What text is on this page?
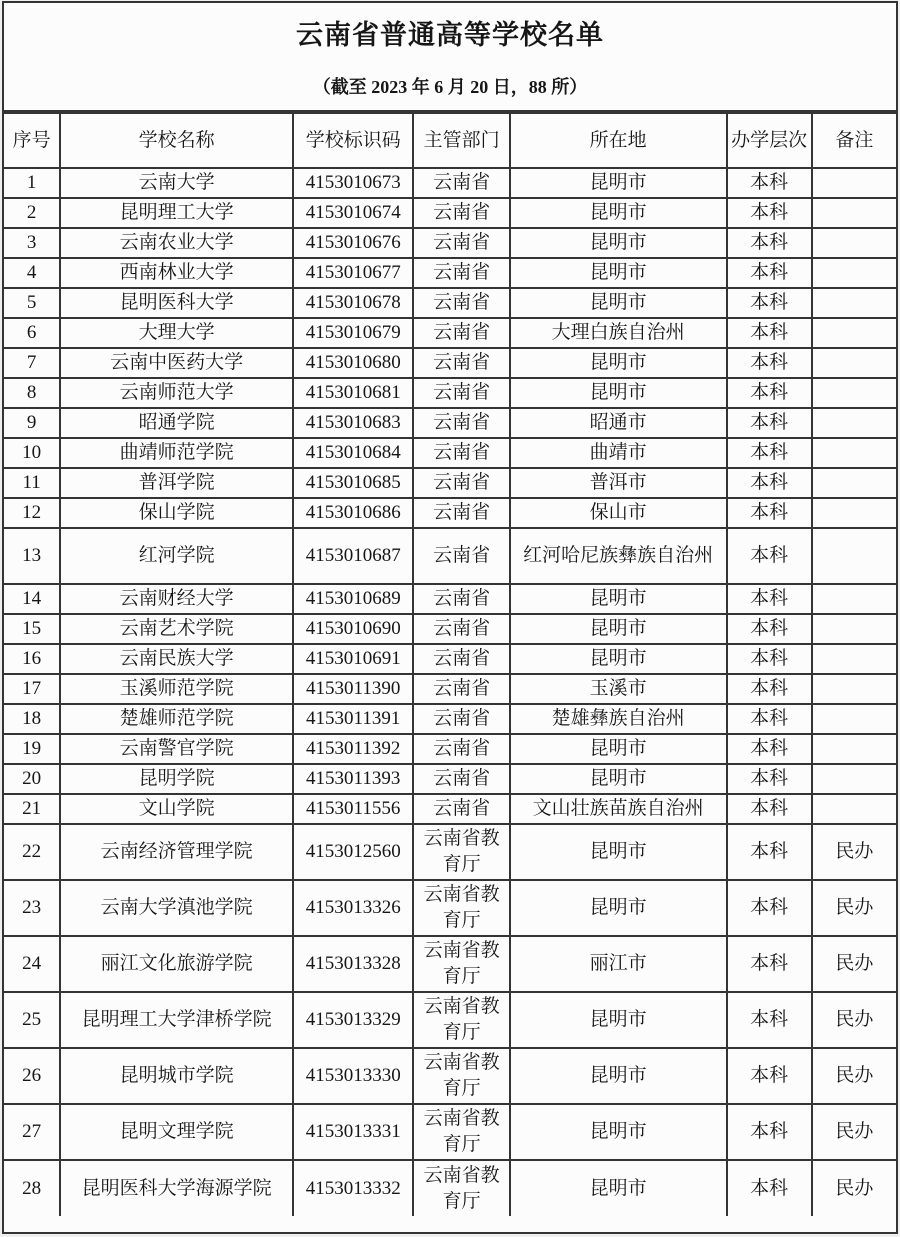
云南省普通高等学校名单
（截至 2023 年 6 月 20 日，88 所）
序号	学校名称	学校标识码	主管部门	所在地	办学层次	备注
1	云南大学	4153010673	云南省	昆明市	本科	
2	昆明理工大学	4153010674	云南省	昆明市	本科	
3	云南农业大学	4153010676	云南省	昆明市	本科	
4	西南林业大学	4153010677	云南省	昆明市	本科	
5	昆明医科大学	4153010678	云南省	昆明市	本科	
6	大理大学	4153010679	云南省	大理白族自治州	本科	
7	云南中医药大学	4153010680	云南省	昆明市	本科	
8	云南师范大学	4153010681	云南省	昆明市	本科	
9	昭通学院	4153010683	云南省	昭通市	本科	
10	曲靖师范学院	4153010684	云南省	曲靖市	本科	
11	普洱学院	4153010685	云南省	普洱市	本科	
12	保山学院	4153010686	云南省	保山市	本科	
13	红河学院	4153010687	云南省	红河哈尼族彝族自治州	本科	
14	云南财经大学	4153010689	云南省	昆明市	本科	
15	云南艺术学院	4153010690	云南省	昆明市	本科	
16	云南民族大学	4153010691	云南省	昆明市	本科	
17	玉溪师范学院	4153011390	云南省	玉溪市	本科	
18	楚雄师范学院	4153011391	云南省	楚雄彝族自治州	本科	
19	云南警官学院	4153011392	云南省	昆明市	本科	
20	昆明学院	4153011393	云南省	昆明市	本科	
21	文山学院	4153011556	云南省	文山壮族苗族自治州	本科	
22	云南经济管理学院	4153012560	云南省教育厅	昆明市	本科	民办
23	云南大学滇池学院	4153013326	云南省教育厅	昆明市	本科	民办
24	丽江文化旅游学院	4153013328	云南省教育厅	丽江市	本科	民办
25	昆明理工大学津桥学院	4153013329	云南省教育厅	昆明市	本科	民办
26	昆明城市学院	4153013330	云南省教育厅	昆明市	本科	民办
27	昆明文理学院	4153013331	云南省教育厅	昆明市	本科	民办
28	昆明医科大学海源学院	4153013332	云南省教育厅	昆明市	本科	民办
